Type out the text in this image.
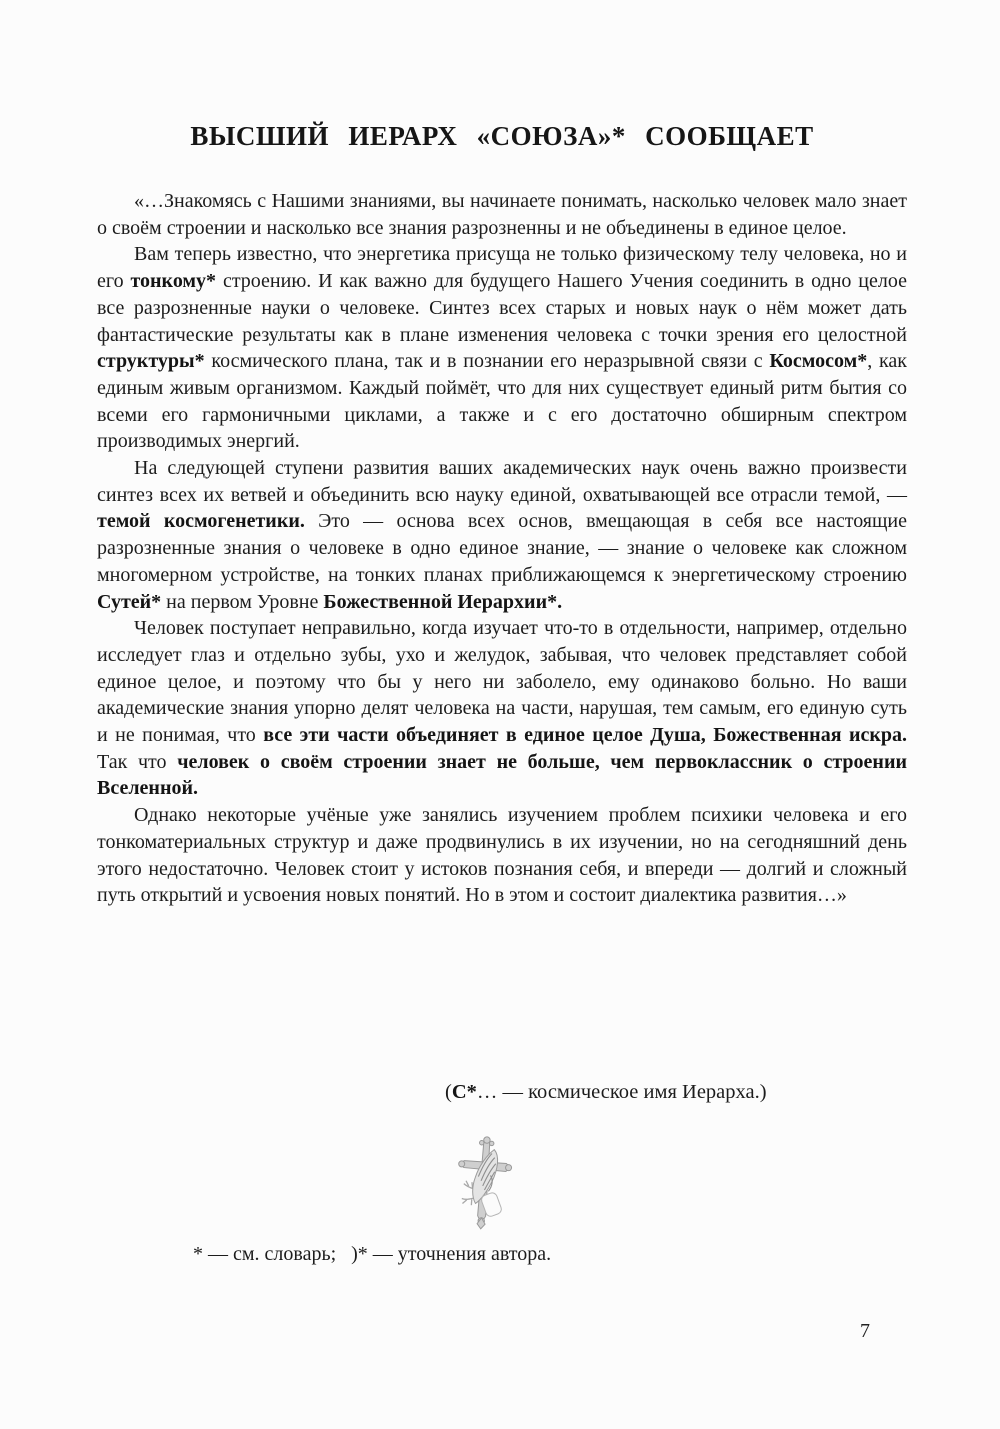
ВЫСШИЙ ИЕРАРХ «СОЮЗА»* СООБЩАЕТ

«…Знакомясь с Нашими знаниями, вы начинаете понимать, насколько человек мало знает о своём строении и насколько все знания разрозненны и не объединены в единое целое.

Вам теперь известно, что энергетика присуща не только физическому телу человека, но и его тонкому* строению. И как важно для будущего Нашего Учения соединить в одно целое все разрозненные науки о человеке. Синтез всех старых и новых наук о нём может дать фантастические результаты как в плане изменения человека с точки зрения его целостной структуры* космического плана, так и в познании его неразрывной связи с Космосом*, как единым живым организмом. Каждый поймёт, что для них существует единый ритм бытия со всеми его гармоничными циклами, а также и с его достаточно обширным спектром производимых энергий.

На следующей ступени развития ваших академических наук очень важно произвести синтез всех их ветвей и объединить всю науку единой, охватывающей все отрасли темой, — темой космогенетики. Это — основа всех основ, вмещающая в себя все настоящие разрозненные знания о человеке в одно единое знание, — знание о человеке как сложном многомерном устройстве, на тонких планах приближающемся к энергетическому строению Сутей* на первом Уровне Божественной Иерархии*.

Человек поступает неправильно, когда изучает что-то в отдельности, например, отдельно исследует глаз и отдельно зубы, ухо и желудок, забывая, что человек представляет собой единое целое, и поэтому что бы у него ни заболело, ему одинаково больно. Но ваши академические знания упорно делят человека на части, нарушая, тем самым, его единую суть и не понимая, что все эти части объединяет в единое целое Душа, Божественная искра. Так что человек о своём строении знает не больше, чем первоклассник о строении Вселенной.

Однако некоторые учёные уже занялись изучением проблем психики человека и его тонкоматериальных структур и даже продвинулись в их изучении, но на сегодняшний день этого недостаточно. Человек стоит у истоков познания себя, и впереди — долгий и сложный путь открытий и усвоения новых понятий. Но в этом и состоит диалектика развития…»

(С*… — космическое имя Иерарха.)
* — см. словарь;   )* — уточнения автора.
7
